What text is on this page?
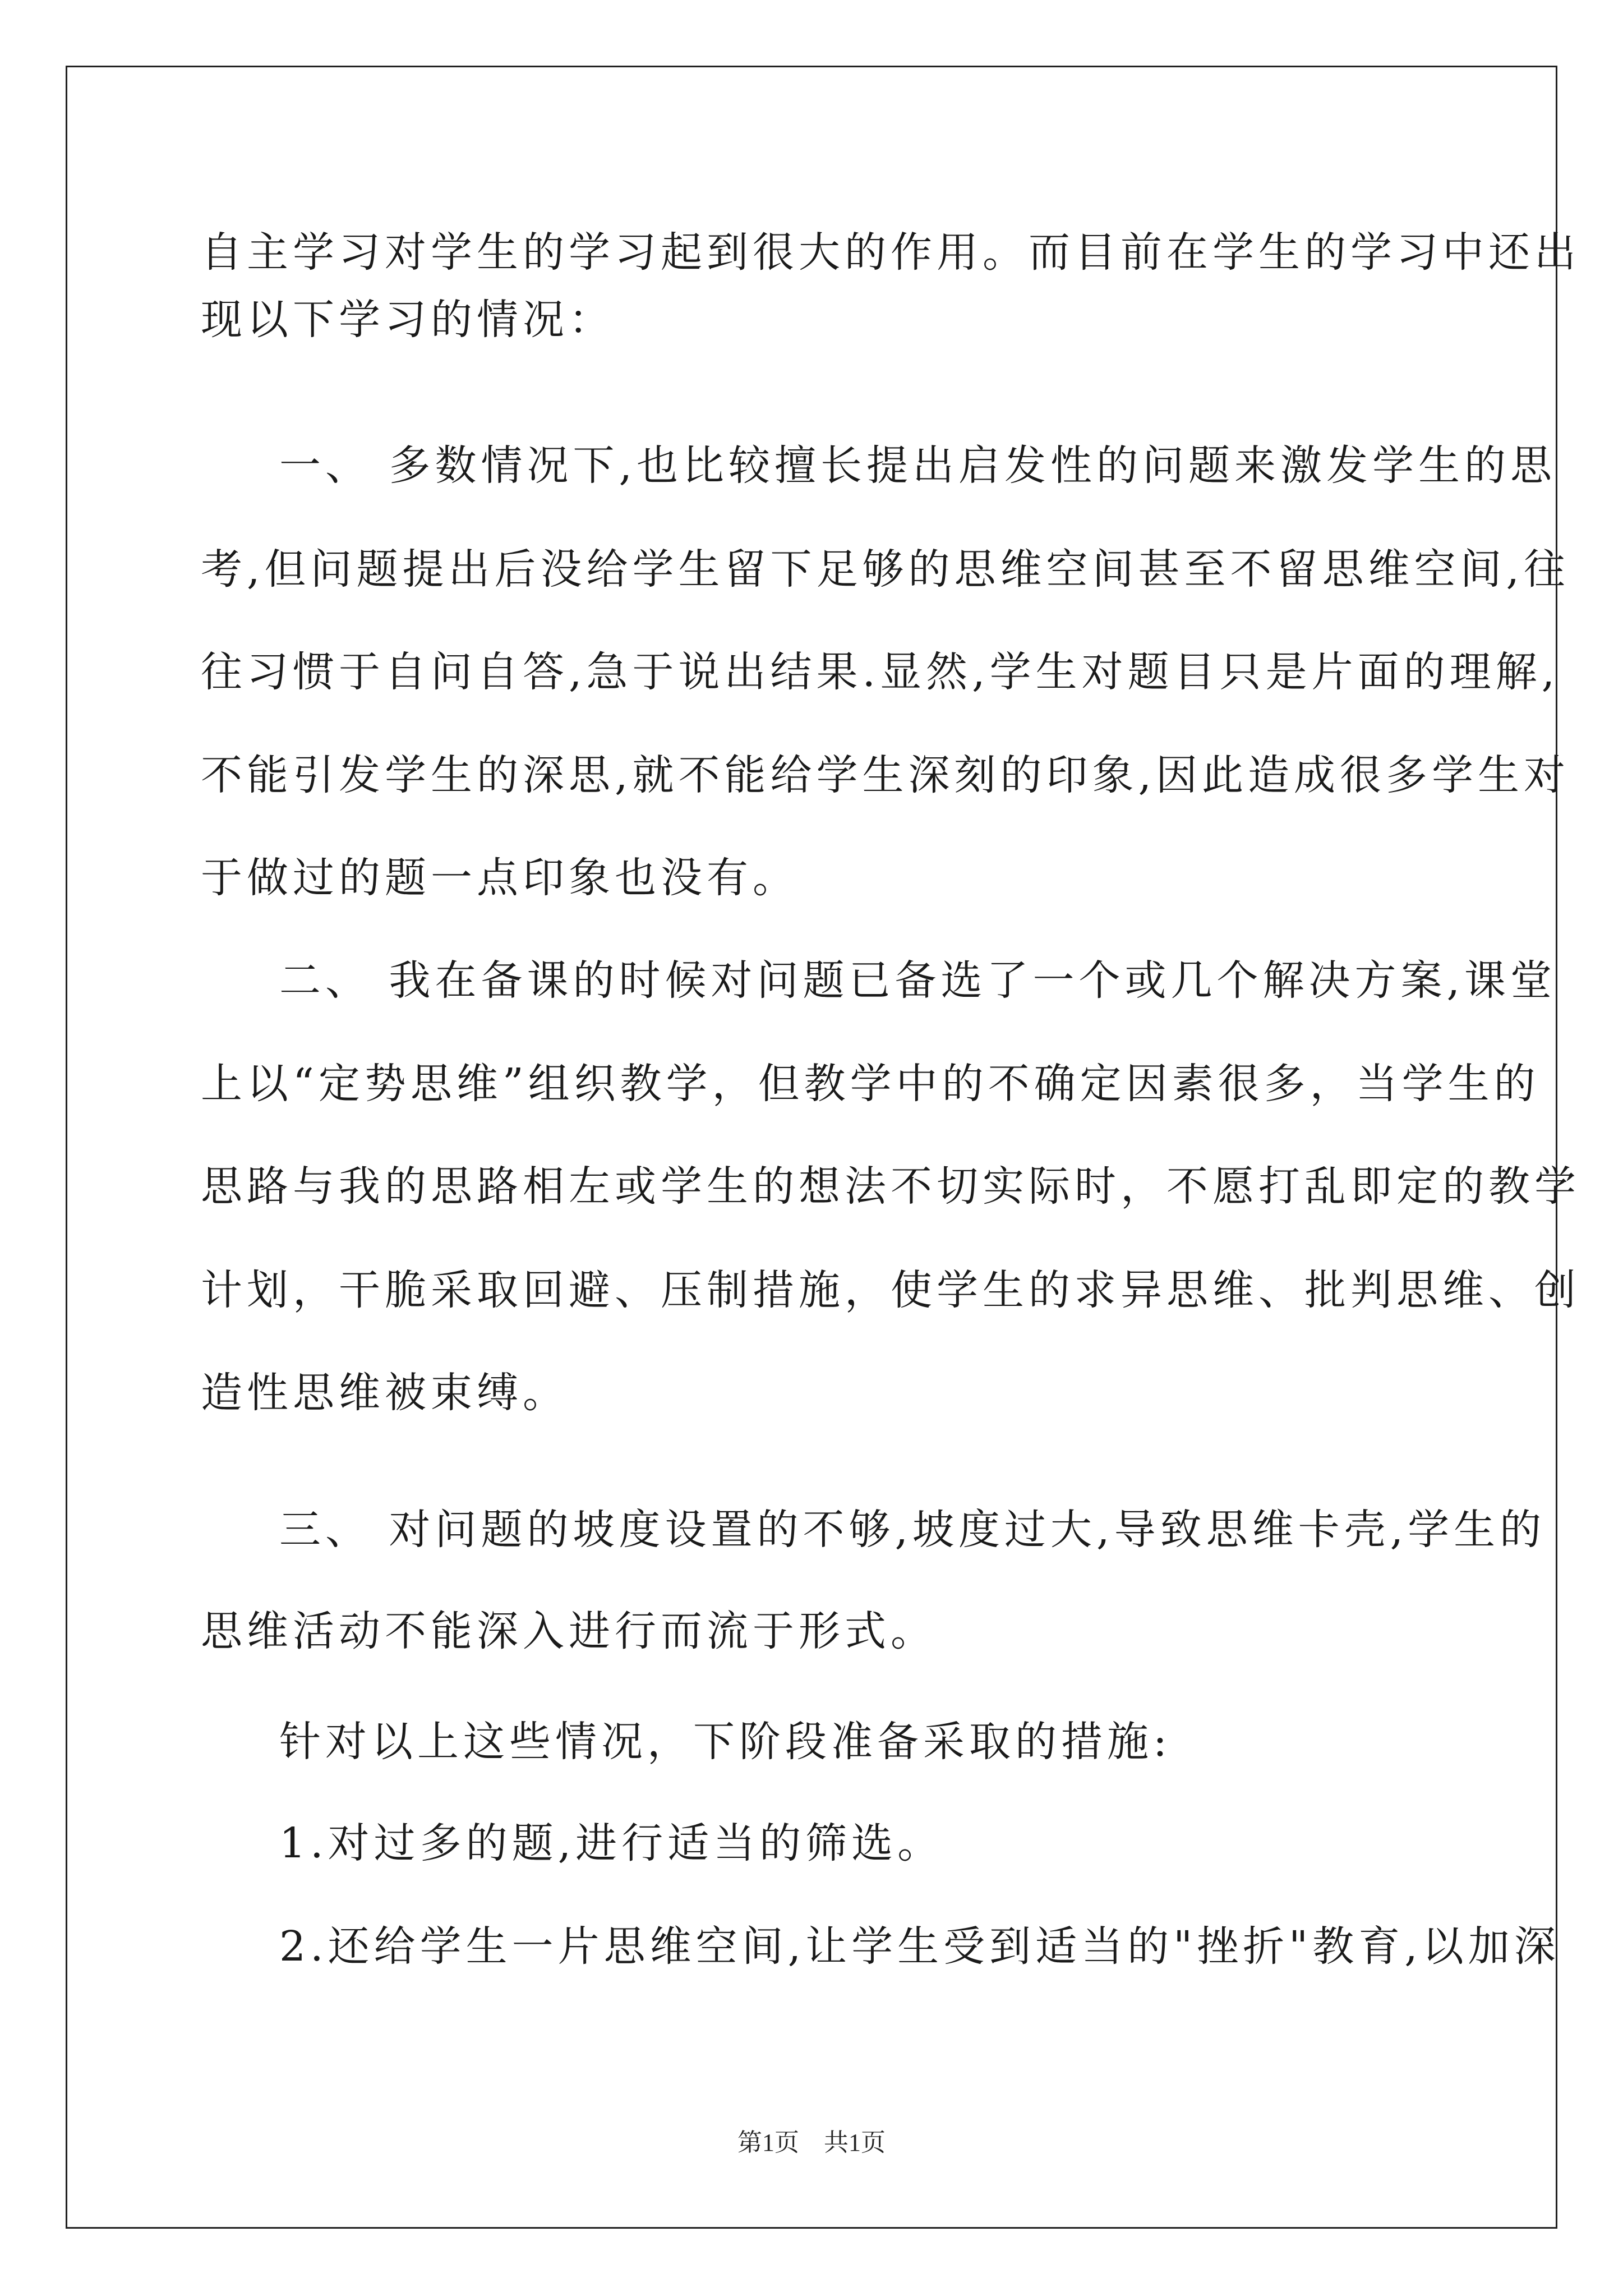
自主学习对学生的学习起到很大的作用。而目前在学生的学习中还出
现以下学习的情况：
一、 多数情况下,也比较擅长提出启发性的问题来激发学生的思
考,但问题提出后没给学生留下足够的思维空间甚至不留思维空间,往
往习惯于自问自答,急于说出结果.显然,学生对题目只是片面的理解,
不能引发学生的深思,就不能给学生深刻的印象,因此造成很多学生对
于做过的题一点印象也没有。
二、 我在备课的时候对问题已备选了一个或几个解决方案,课堂
上以“定势思维”组织教学，但教学中的不确定因素很多，当学生的
思路与我的思路相左或学生的想法不切实际时，不愿打乱即定的教学
计划，干脆采取回避、压制措施，使学生的求异思维、批判思维、创
造性思维被束缚。
三、 对问题的坡度设置的不够,坡度过大,导致思维卡壳,学生的
思维活动不能深入进行而流于形式。
针对以上这些情况，下阶段准备采取的措施:
1.对过多的题,进行适当的筛选。
2.还给学生一片思维空间,让学生受到适当的"挫折"教育,以加深
第1页　共1页
